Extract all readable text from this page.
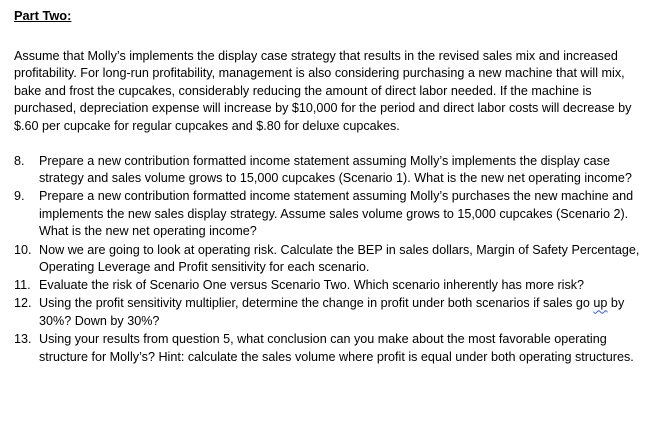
Part Two:

Assume that Molly’s implements the display case strategy that results in the revised sales mix and increased profitability. For long-run profitability, management is also considering purchasing a new machine that will mix, bake and frost the cupcakes, considerably reducing the amount of direct labor needed. If the machine is purchased, depreciation expense will increase by $10,000 for the period and direct labor costs will decrease by $.60 per cupcake for regular cupcakes and $.80 for deluxe cupcakes.

8.	Prepare a new contribution formatted income statement assuming Molly’s implements the display case strategy and sales volume grows to 15,000 cupcakes (Scenario 1). What is the new net operating income?
9.	Prepare a new contribution formatted income statement assuming Molly’s purchases the new machine and implements the new sales display strategy. Assume sales volume grows to 15,000 cupcakes (Scenario 2). What is the new net operating income?
10. Now we are going to look at operating risk. Calculate the BEP in sales dollars, Margin of Safety Percentage, Operating Leverage and Profit sensitivity for each scenario.
11. Evaluate the risk of Scenario One versus Scenario Two. Which scenario inherently has more risk?
12. Using the profit sensitivity multiplier, determine the change in profit under both scenarios if sales go up by 30%? Down by 30%?
13. Using your results from question 5, what conclusion can you make about the most favorable operating structure for Molly’s? Hint: calculate the sales volume where profit is equal under both operating structures.
